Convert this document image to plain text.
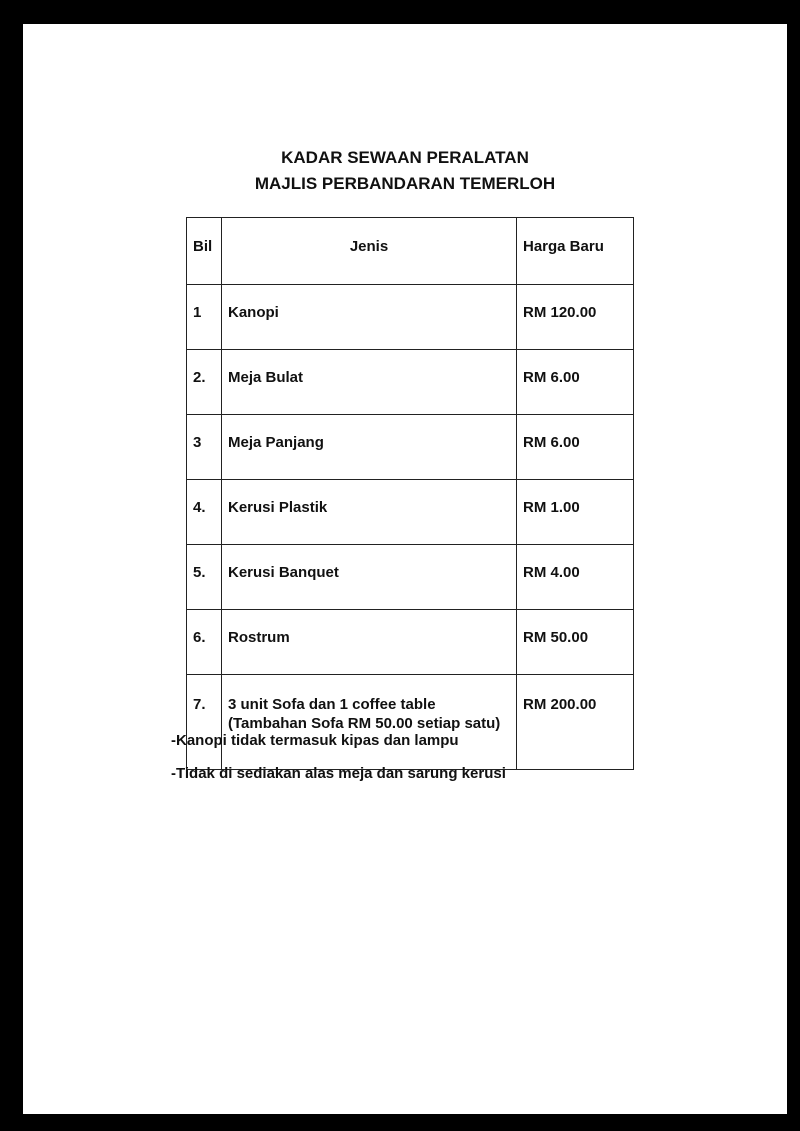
KADAR SEWAAN PERALATAN
MAJLIS PERBANDARAN TEMERLOH
Bil	Jenis	Harga Baru
1	Kanopi	RM 120.00
2.	Meja Bulat	RM 6.00
3	Meja Panjang	RM 6.00
4.	Kerusi Plastik	RM 1.00
5.	Kerusi Banquet	RM 4.00
6.	Rostrum	RM 50.00
7.	3 unit Sofa dan 1 coffee table (Tambahan Sofa RM 50.00 setiap satu)	RM 200.00

-Kanopi tidak termasuk kipas dan lampu

-Tidak di sediakan alas meja dan sarung kerusi
